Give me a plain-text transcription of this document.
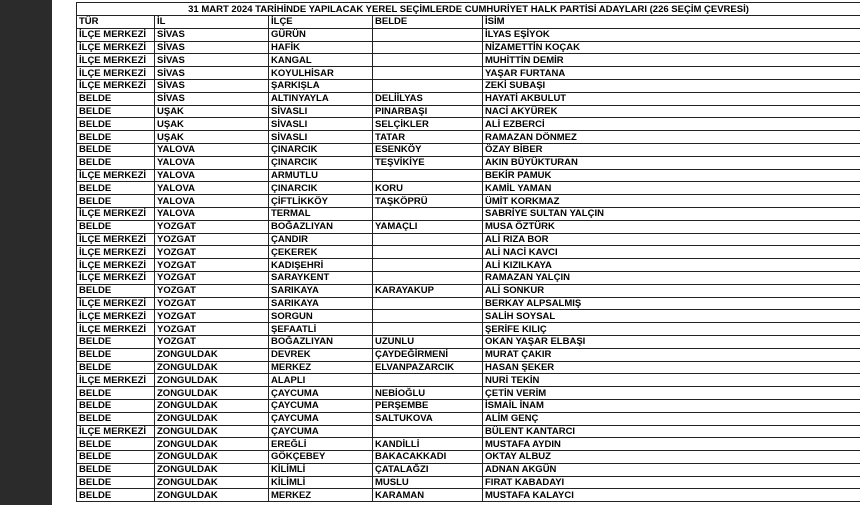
31 MART 2024 TARİHİNDE YAPILACAK YEREL SEÇİMLERDE CUMHURİYET HALK PARTİSİ ADAYLARI (226 SEÇİM ÇEVRESİ)				
TÜR	İL	İLÇE	BELDE	İSİM
İLÇE MERKEZİ	SİVAS	GÜRÜN		İLYAS EŞİYOK
İLÇE MERKEZİ	SİVAS	HAFİK		NİZAMETTİN KOÇAK
İLÇE MERKEZİ	SİVAS	KANGAL		MUHİTTİN DEMİR
İLÇE MERKEZİ	SİVAS	KOYULHİSAR		YAŞAR FURTANA
İLÇE MERKEZİ	SİVAS	ŞARKIŞLA		ZEKİ SUBAŞI
BELDE	SİVAS	ALTINYAYLA	DELİİLYAS	HAYATİ AKBULUT
BELDE	UŞAK	SİVASLI	PINARBAŞI	NACİ AKYÜREK
BELDE	UŞAK	SİVASLI	SELÇİKLER	ALİ EZBERCİ
BELDE	UŞAK	SİVASLI	TATAR	RAMAZAN DÖNMEZ
BELDE	YALOVA	ÇINARCIK	ESENKÖY	ÖZAY BİBER
BELDE	YALOVA	ÇINARCIK	TEŞVİKİYE	AKIN BÜYÜKTURAN
İLÇE MERKEZİ	YALOVA	ARMUTLU		BEKİR PAMUK
BELDE	YALOVA	ÇINARCIK	KORU	KAMİL YAMAN
BELDE	YALOVA	ÇİFTLİKKÖY	TAŞKÖPRÜ	ÜMİT KORKMAZ
İLÇE MERKEZİ	YALOVA	TERMAL		SABRİYE SULTAN YALÇIN
BELDE	YOZGAT	BOĞAZLIYAN	YAMAÇLI	MUSA ÖZTÜRK
İLÇE MERKEZİ	YOZGAT	ÇANDIR		ALİ RIZA BOR
İLÇE MERKEZİ	YOZGAT	ÇEKEREK		ALİ NACİ KAVCI
İLÇE MERKEZİ	YOZGAT	KADIŞEHRİ		ALİ KIZILKAYA
İLÇE MERKEZİ	YOZGAT	SARAYKENT		RAMAZAN YALÇIN
BELDE	YOZGAT	SARIKAYA	KARAYAKUP	ALİ SONKUR
İLÇE MERKEZİ	YOZGAT	SARIKAYA		BERKAY ALPSALMIŞ
İLÇE MERKEZİ	YOZGAT	SORGUN		SALİH SOYSAL
İLÇE MERKEZİ	YOZGAT	ŞEFAATLİ		ŞERİFE KILIÇ
BELDE	YOZGAT	BOĞAZLIYAN	UZUNLU	OKAN YAŞAR ELBAŞI
BELDE	ZONGULDAK	DEVREK	ÇAYDEĞİRMENİ	MURAT ÇAKIR
BELDE	ZONGULDAK	MERKEZ	ELVANPAZARCIK	HASAN ŞEKER
İLÇE MERKEZİ	ZONGULDAK	ALAPLI		NURİ TEKİN
BELDE	ZONGULDAK	ÇAYCUMA	NEBİOĞLU	ÇETİN VERİM
BELDE	ZONGULDAK	ÇAYCUMA	PERŞEMBE	İSMAİL İNAM
BELDE	ZONGULDAK	ÇAYCUMA	SALTUKOVA	ALİM GENÇ
İLÇE MERKEZİ	ZONGULDAK	ÇAYCUMA		BÜLENT KANTARCI
BELDE	ZONGULDAK	EREĞLİ	KANDİLLİ	MUSTAFA AYDIN
BELDE	ZONGULDAK	GÖKÇEBEY	BAKACAKKADI	OKTAY ALBUZ
BELDE	ZONGULDAK	KİLİMLİ	ÇATALAĞZI	ADNAN AKGÜN
BELDE	ZONGULDAK	KİLİMLİ	MUSLU	FIRAT KABADAYI
BELDE	ZONGULDAK	MERKEZ	KARAMAN	MUSTAFA KALAYCI
